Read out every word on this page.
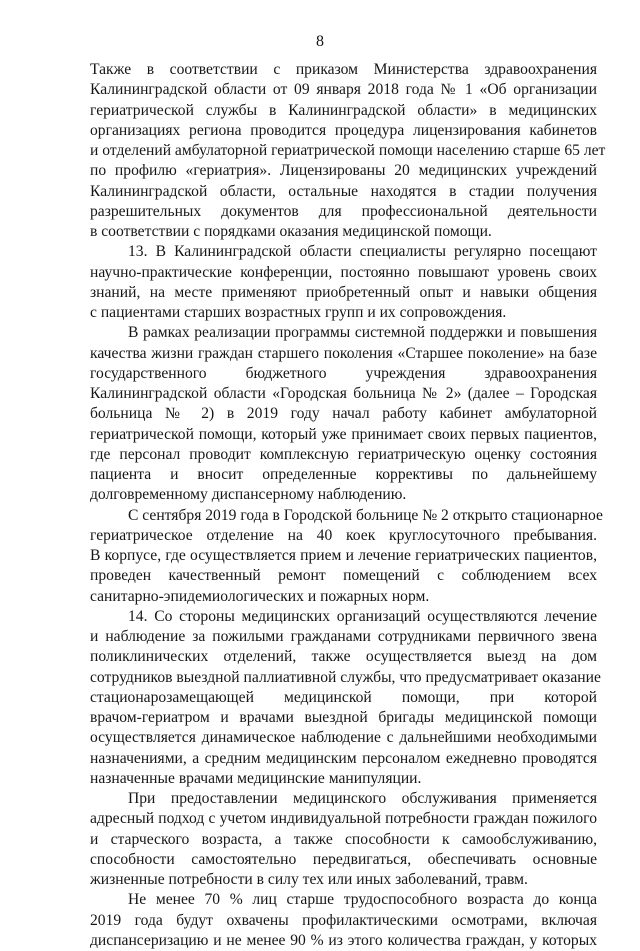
8
Также в соответствии с приказом Министерства здравоохранения
Калининградской области от 09 января 2018 года № 1 «Об организации
гериатрической службы в Калининградской области» в медицинских
организациях региона проводится процедура лицензирования кабинетов
и отделений амбулаторной гериатрической помощи населению старше 65 лет
по профилю «гериатрия». Лицензированы 20 медицинских учреждений
Калининградской области, остальные находятся в стадии получения
разрешительных документов для профессиональной деятельности
в соответствии с порядками оказания медицинской помощи.
13. В Калининградской области специалисты регулярно посещают
научно-практические конференции, постоянно повышают уровень своих
знаний, на месте применяют приобретенный опыт и навыки общения
с пациентами старших возрастных групп и их сопровождения.
В рамках реализации программы системной поддержки и повышения
качества жизни граждан старшего поколения «Старшее поколение» на базе
государственного бюджетного учреждения здравоохранения
Калининградской области «Городская больница № 2» (далее – Городская
больница № 2) в 2019 году начал работу кабинет амбулаторной
гериатрической помощи, который уже принимает своих первых пациентов,
где персонал проводит комплексную гериатрическую оценку состояния
пациента и вносит определенные коррективы по дальнейшему
долговременному диспансерному наблюдению.
С сентября 2019 года в Городской больнице № 2 открыто стационарное
гериатрическое отделение на 40 коек круглосуточного пребывания.
В корпусе, где осуществляется прием и лечение гериатрических пациентов,
проведен качественный ремонт помещений с соблюдением всех
санитарно-эпидемиологических и пожарных норм.
14. Со стороны медицинских организаций осуществляются лечение
и наблюдение за пожилыми гражданами сотрудниками первичного звена
поликлинических отделений, также осуществляется выезд на дом
сотрудников выездной паллиативной службы, что предусматривает оказание
стационарозамещающей медицинской помощи, при которой
врачом-гериатром и врачами выездной бригады медицинской помощи
осуществляется динамическое наблюдение с дальнейшими необходимыми
назначениями, а средним медицинским персоналом ежедневно проводятся
назначенные врачами медицинские манипуляции.
При предоставлении медицинского обслуживания применяется
адресный подход с учетом индивидуальной потребности граждан пожилого
и старческого возраста, а также способности к самообслуживанию,
способности самостоятельно передвигаться, обеспечивать основные
жизненные потребности в силу тех или иных заболеваний, травм.
Не менее 70 % лиц старше трудоспособного возраста до конца
2019 года будут охвачены профилактическими осмотрами, включая
диспансеризацию и не менее 90 % из этого количества граждан, у которых
